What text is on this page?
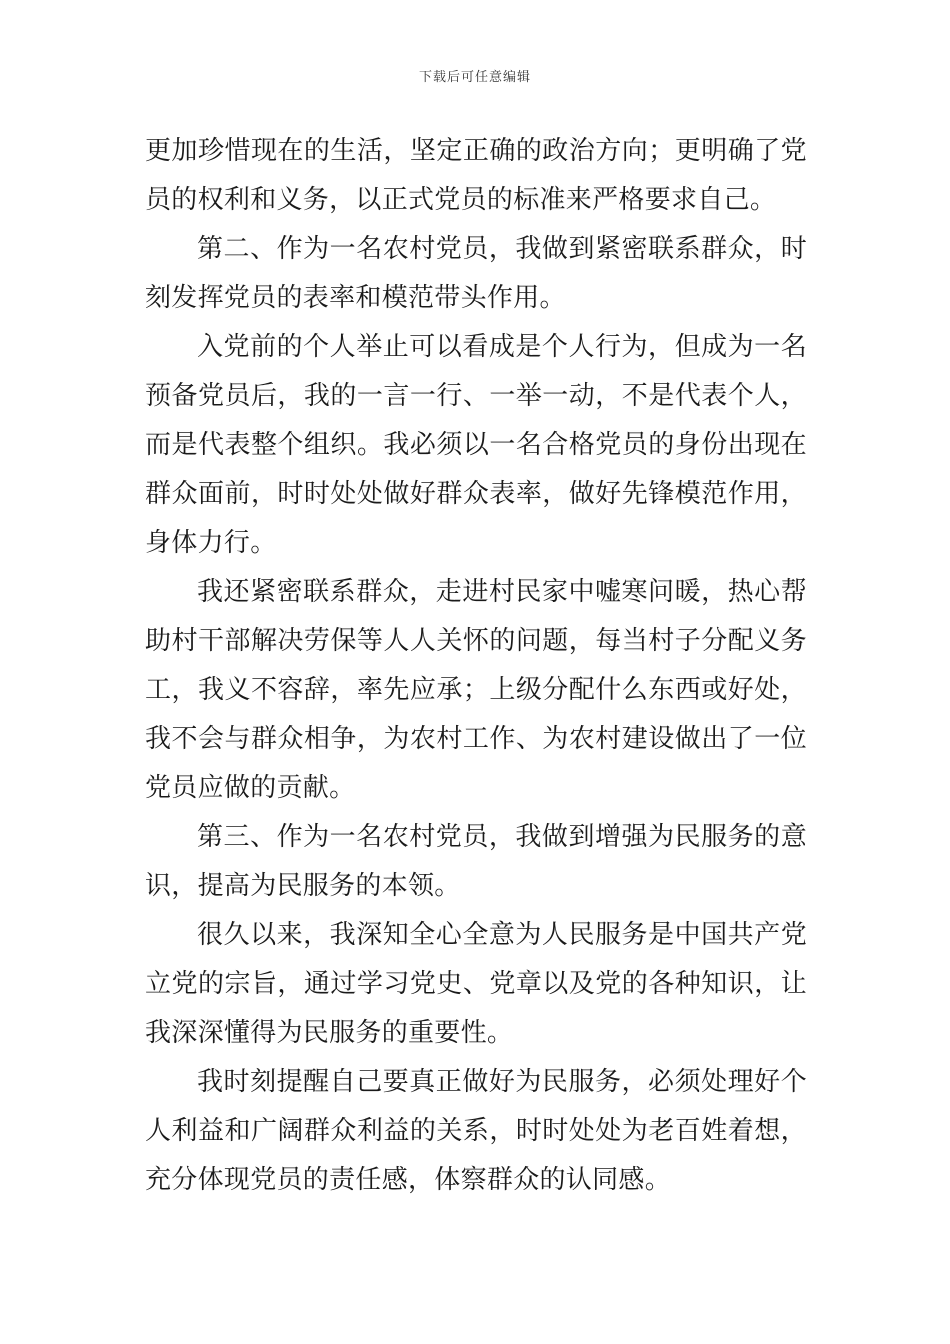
下载后可任意编辑

更加珍惜现在的生活，坚定正确的政治方向；更明确了党员的权利和义务，以正式党员的标准来严格要求自己。

第二、作为一名农村党员，我做到紧密联系群众，时刻发挥党员的表率和模范带头作用。

入党前的个人举止可以看成是个人行为，但成为一名预备党员后，我的一言一行、一举一动，不是代表个人，而是代表整个组织。我必须以一名合格党员的身份出现在群众面前，时时处处做好群众表率，做好先锋模范作用，身体力行。

我还紧密联系群众，走进村民家中嘘寒问暖，热心帮助村干部解决劳保等人人关怀的问题，每当村子分配义务工，我义不容辞，率先应承；上级分配什么东西或好处，我不会与群众相争，为农村工作、为农村建设做出了一位党员应做的贡献。

第三、作为一名农村党员，我做到增强为民服务的意识，提高为民服务的本领。

很久以来，我深知全心全意为人民服务是中国共产党立党的宗旨，通过学习党史、党章以及党的各种知识，让我深深懂得为民服务的重要性。

我时刻提醒自己要真正做好为民服务，必须处理好个人利益和广阔群众利益的关系，时时处处为老百姓着想，充分体现党员的责任感，体察群众的认同感。
